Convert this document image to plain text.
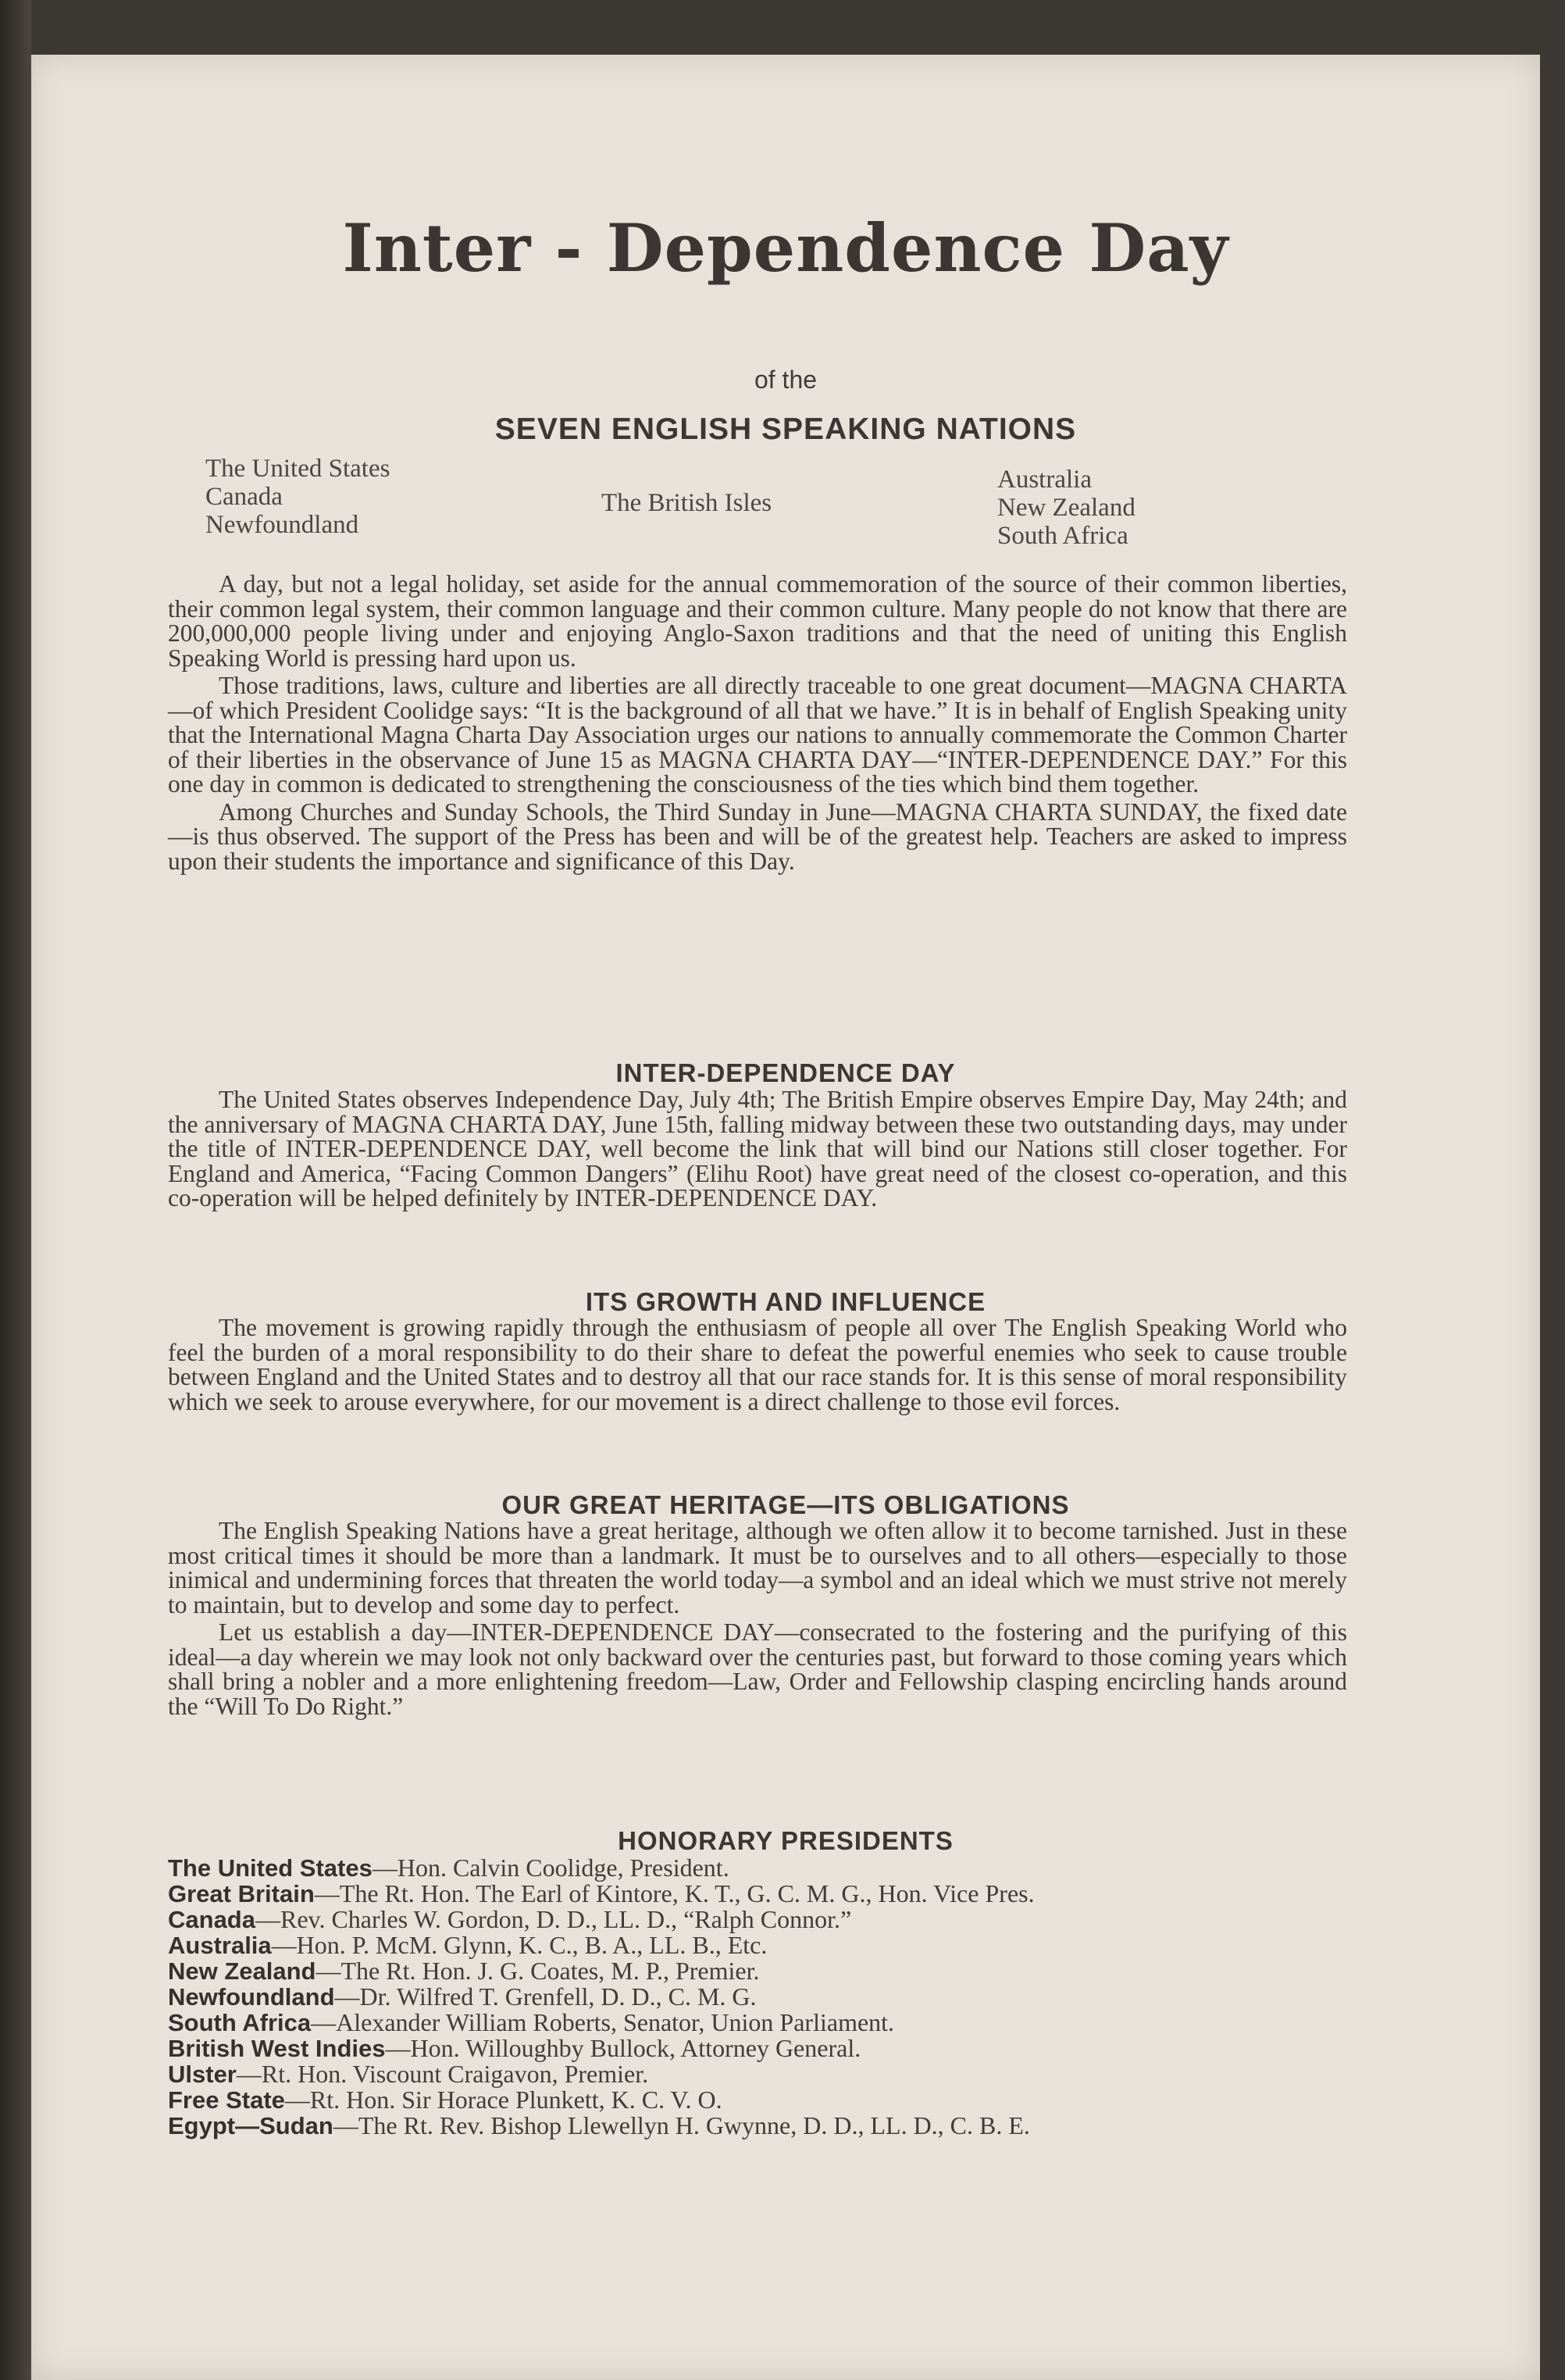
Inter - Dependence Day
of the
SEVEN ENGLISH SPEAKING NATIONS
The United States
Canada
Newfoundland
The British Isles
Australia
New Zealand
South Africa

A day, but not a legal holiday, set aside for the annual commemoration of the source of their common liberties, their common legal system, their common language and their common culture. Many people do not know that there are 200,000,000 people living under and enjoying Anglo-Saxon traditions and that the need of uniting this English Speaking World is pressing hard upon us.

Those traditions, laws, culture and liberties are all directly traceable to one great document—MAGNA CHARTA—of which President Coolidge says: “It is the background of all that we have.” It is in behalf of English Speaking unity that the International Magna Charta Day Association urges our nations to annually commemorate the Common Charter of their liberties in the observance of June 15 as MAGNA CHARTA DAY—“INTER-DEPENDENCE DAY.” For this one day in common is dedicated to strengthening the consciousness of the ties which bind them together.

Among Churches and Sunday Schools, the Third Sunday in June—MAGNA CHARTA SUNDAY, the fixed date—is thus observed. The support of the Press has been and will be of the greatest help. Teachers are asked to impress upon their students the importance and significance of this Day.

INTER-DEPENDENCE DAY

The United States observes Independence Day, July 4th; The British Empire observes Empire Day, May 24th; and the anniversary of MAGNA CHARTA DAY, June 15th, falling midway between these two outstanding days, may under the title of INTER-DEPENDENCE DAY, well become the link that will bind our Nations still closer together. For England and America, “Facing Common Dangers” (Elihu Root) have great need of the closest co-operation, and this co-operation will be helped definitely by INTER-DEPENDENCE DAY.

ITS GROWTH AND INFLUENCE

The movement is growing rapidly through the enthusiasm of people all over The English Speaking World who feel the burden of a moral responsibility to do their share to defeat the powerful enemies who seek to cause trouble between England and the United States and to destroy all that our race stands for. It is this sense of moral responsibility which we seek to arouse everywhere, for our movement is a direct challenge to those evil forces.

OUR GREAT HERITAGE—ITS OBLIGATIONS

The English Speaking Nations have a great heritage, although we often allow it to become tarnished. Just in these most critical times it should be more than a landmark. It must be to ourselves and to all others—especially to those inimical and undermining forces that threaten the world today—a symbol and an ideal which we must strive not merely to maintain, but to develop and some day to perfect.

Let us establish a day—INTER-DEPENDENCE DAY—consecrated to the fostering and the purifying of this ideal—a day wherein we may look not only backward over the centuries past, but forward to those coming years which shall bring a nobler and a more enlightening freedom—Law, Order and Fellowship clasping encircling hands around the “Will To Do Right.”

HONORARY PRESIDENTS
The United States—Hon. Calvin Coolidge, President.
Great Britain—The Rt. Hon. The Earl of Kintore, K. T., G. C. M. G., Hon. Vice Pres.
Canada—Rev. Charles W. Gordon, D. D., LL. D., “Ralph Connor.”
Australia—Hon. P. McM. Glynn, K. C., B. A., LL. B., Etc.
New Zealand—The Rt. Hon. J. G. Coates, M. P., Premier.
Newfoundland—Dr. Wilfred T. Grenfell, D. D., C. M. G.
South Africa—Alexander William Roberts, Senator, Union Parliament.
British West Indies—Hon. Willoughby Bullock, Attorney General.
Ulster—Rt. Hon. Viscount Craigavon, Premier.
Free State—Rt. Hon. Sir Horace Plunkett, K. C. V. O.
Egypt—Sudan—The Rt. Rev. Bishop Llewellyn H. Gwynne, D. D., LL. D., C. B. E.
